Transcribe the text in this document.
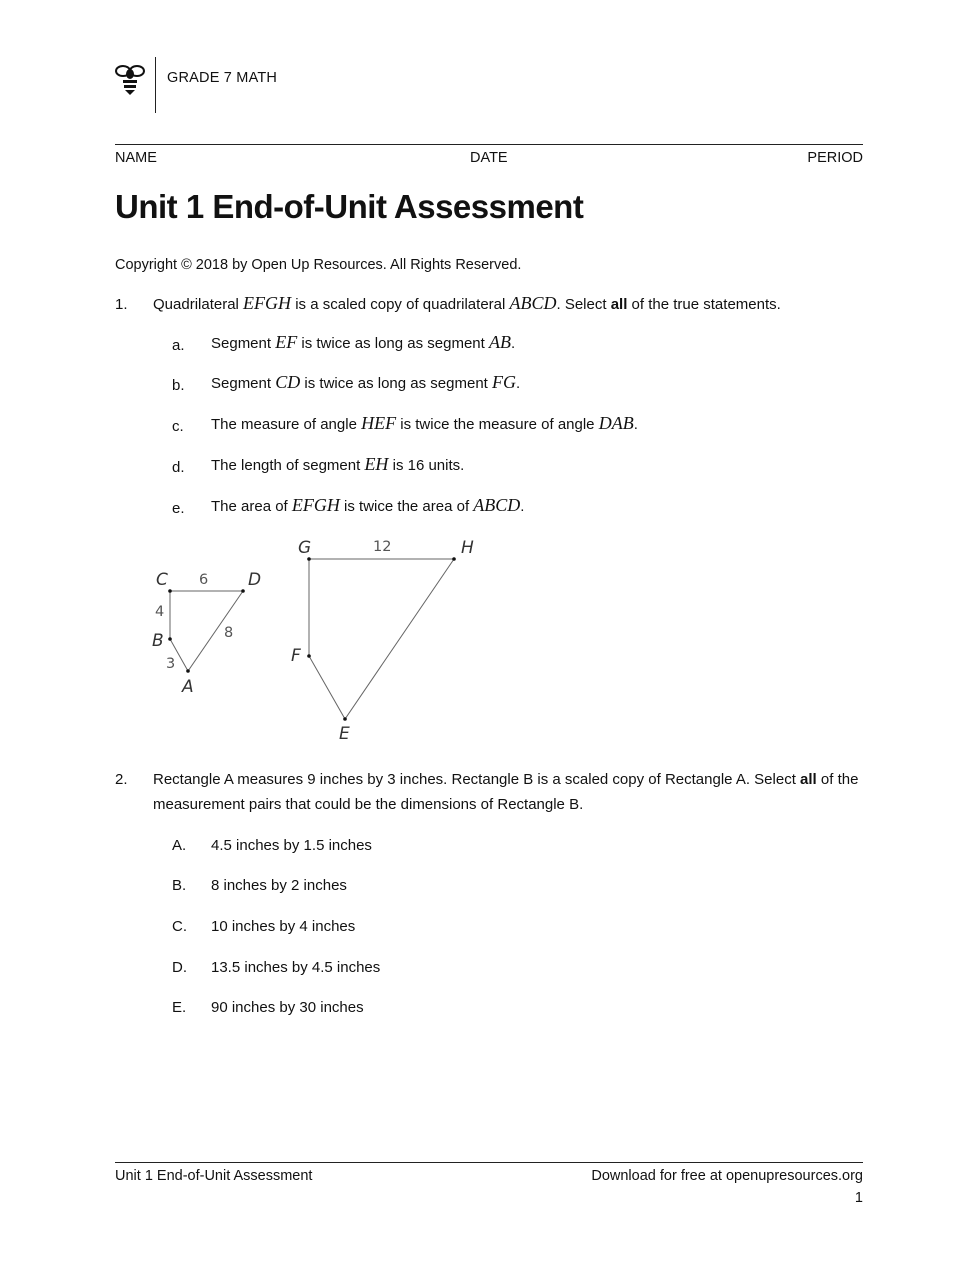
GRADE 7 MATH
NAME	DATE	PERIOD
Unit 1 End-of-Unit Assessment
Copyright © 2018 by Open Up Resources. All Rights Reserved.
1. Quadrilateral EFGH is a scaled copy of quadrilateral ABCD. Select all of the true statements.
a. Segment EF is twice as long as segment AB.
b. Segment CD is twice as long as segment FG.
c. The measure of angle HEF is twice the measure of angle DAB.
d. The length of segment EH is 16 units.
e. The area of EFGH is twice the area of ABCD.
C	D
B
A
6
4
8
3
G	H
F
E
12
2. Rectangle A measures 9 inches by 3 inches. Rectangle B is a scaled copy of Rectangle A. Select all of the measurement pairs that could be the dimensions of Rectangle B.
A. 4.5 inches by 1.5 inches
B. 8 inches by 2 inches
C. 10 inches by 4 inches
D. 13.5 inches by 4.5 inches
E. 90 inches by 30 inches
Unit 1 End-of-Unit Assessment	Download for free at openupresources.org
1
